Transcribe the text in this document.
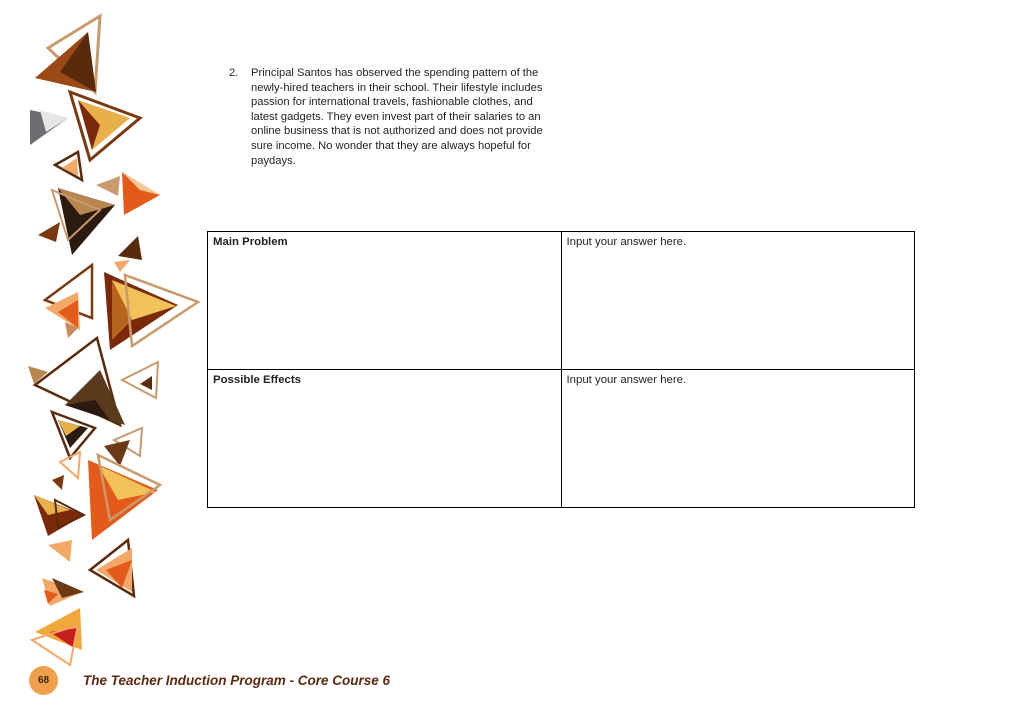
2.	Principal Santos has observed the spending pattern of the newly-hired teachers in their school. Their lifestyle includes passion for international travels, fashionable clothes, and latest gadgets. They even invest part of their salaries to an online business that is not authorized and does not provide sure income. No wonder that they are always hopeful for paydays.
Main Problem	Input your answer here.
Possible Effects	Input your answer here.
68	The Teacher Induction Program - Core Course 6
